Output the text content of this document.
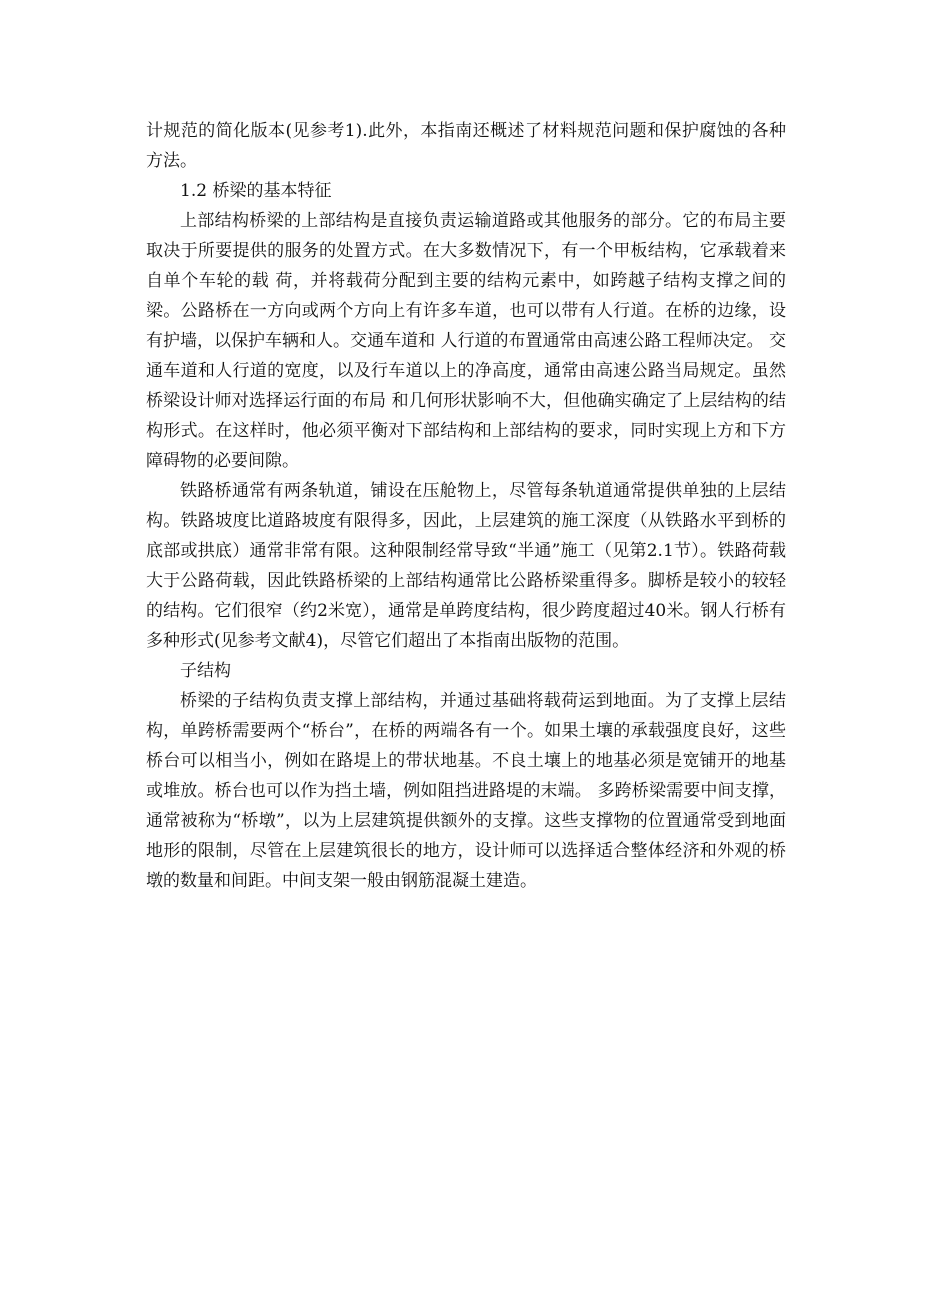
计规范的简化版本(见参考1).此外，本指南还概述了材料规范问题和保护腐蚀的各种方法。

1.2 桥梁的基本特征

上部结构桥梁的上部结构是直接负责运输道路或其他服务的部分。它的布局主要取决于所要提供的服务的处置方式。在大多数情况下，有一个甲板结构，它承载着来自单个车轮的载 荷，并将载荷分配到主要的结构元素中，如跨越子结构支撑之间的梁。公路桥在一方向或两个方向上有许多车道，也可以带有人行道。在桥的边缘，设有护墙，以保护车辆和人。交通车道和 人行道的布置通常由高速公路工程师决定。 交通车道和人行道的宽度，以及行车道以上的净高度，通常由高速公路当局规定。虽然桥梁设计师对选择运行面的布局 和几何形状影响不大，但他确实确定了上层结构的结构形式。在这样时，他必须平衡对下部结构和上部结构的要求，同时实现上方和下方障碍物的必要间隙。

铁路桥通常有两条轨道，铺设在压舱物上，尽管每条轨道通常提供单独的上层结构。铁路坡度比道路坡度有限得多，因此，上层建筑的施工深度（从铁路水平到桥的底部或拱底）通常非常有限。这种限制经常导致“半通”施工（见第2.1节）。铁路荷载大于公路荷载，因此铁路桥梁的上部结构通常比公路桥梁重得多。脚桥是较小的较轻的结构。它们很窄（约2米宽），通常是单跨度结构，很少跨度超过40米。钢人行桥有多种形式(见参考文献4)，尽管它们超出了本指南出版物的范围。

子结构

桥梁的子结构负责支撑上部结构，并通过基础将载荷运到地面。为了支撑上层结构，单跨桥需要两个“桥台”，在桥的两端各有一个。如果土壤的承载强度良好，这些桥台可以相当小，例如在路堤上的带状地基。不良土壤上的地基必须是宽铺开的地基或堆放。桥台也可以作为挡土墙，例如阻挡进路堤的末端。 多跨桥梁需要中间支撑，通常被称为“桥墩”，以为上层建筑提供额外的支撑。这些支撑物的位置通常受到地面地形的限制，尽管在上层建筑很长的地方，设计师可以选择适合整体经济和外观的桥墩的数量和间距。中间支架一般由钢筋混凝土建造。
